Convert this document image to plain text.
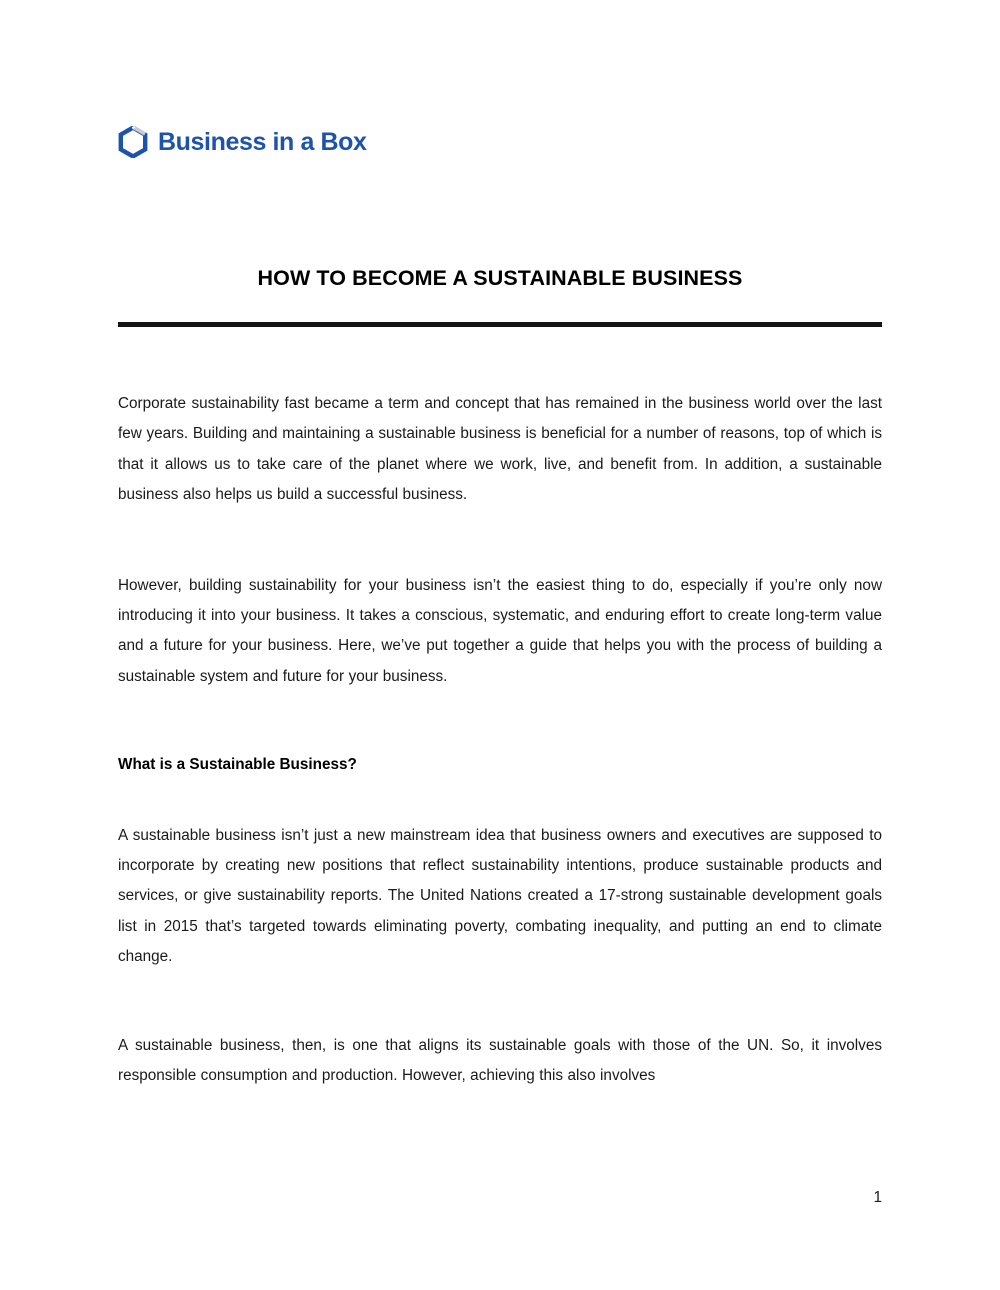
Business in a Box
HOW TO BECOME A SUSTAINABLE BUSINESS

Corporate sustainability fast became a term and concept that has remained in the business world over the last few years. Building and maintaining a sustainable business is beneficial for a number of reasons, top of which is that it allows us to take care of the planet where we work, live, and benefit from. In addition, a sustainable business also helps us build a successful business.

However, building sustainability for your business isn’t the easiest thing to do, especially if you’re only now introducing it into your business. It takes a conscious, systematic, and enduring effort to create long-term value and a future for your business. Here, we’ve put together a guide that helps you with the process of building a sustainable system and future for your business.

What is a Sustainable Business?

A sustainable business isn’t just a new mainstream idea that business owners and executives are supposed to incorporate by creating new positions that reflect sustainability intentions, produce sustainable products and services, or give sustainability reports. The United Nations created a 17-strong sustainable development goals list in 2015 that’s targeted towards eliminating poverty, combating inequality, and putting an end to climate change.

A sustainable business, then, is one that aligns its sustainable goals with those of the UN. So, it involves responsible consumption and production. However, achieving this also involves

1
